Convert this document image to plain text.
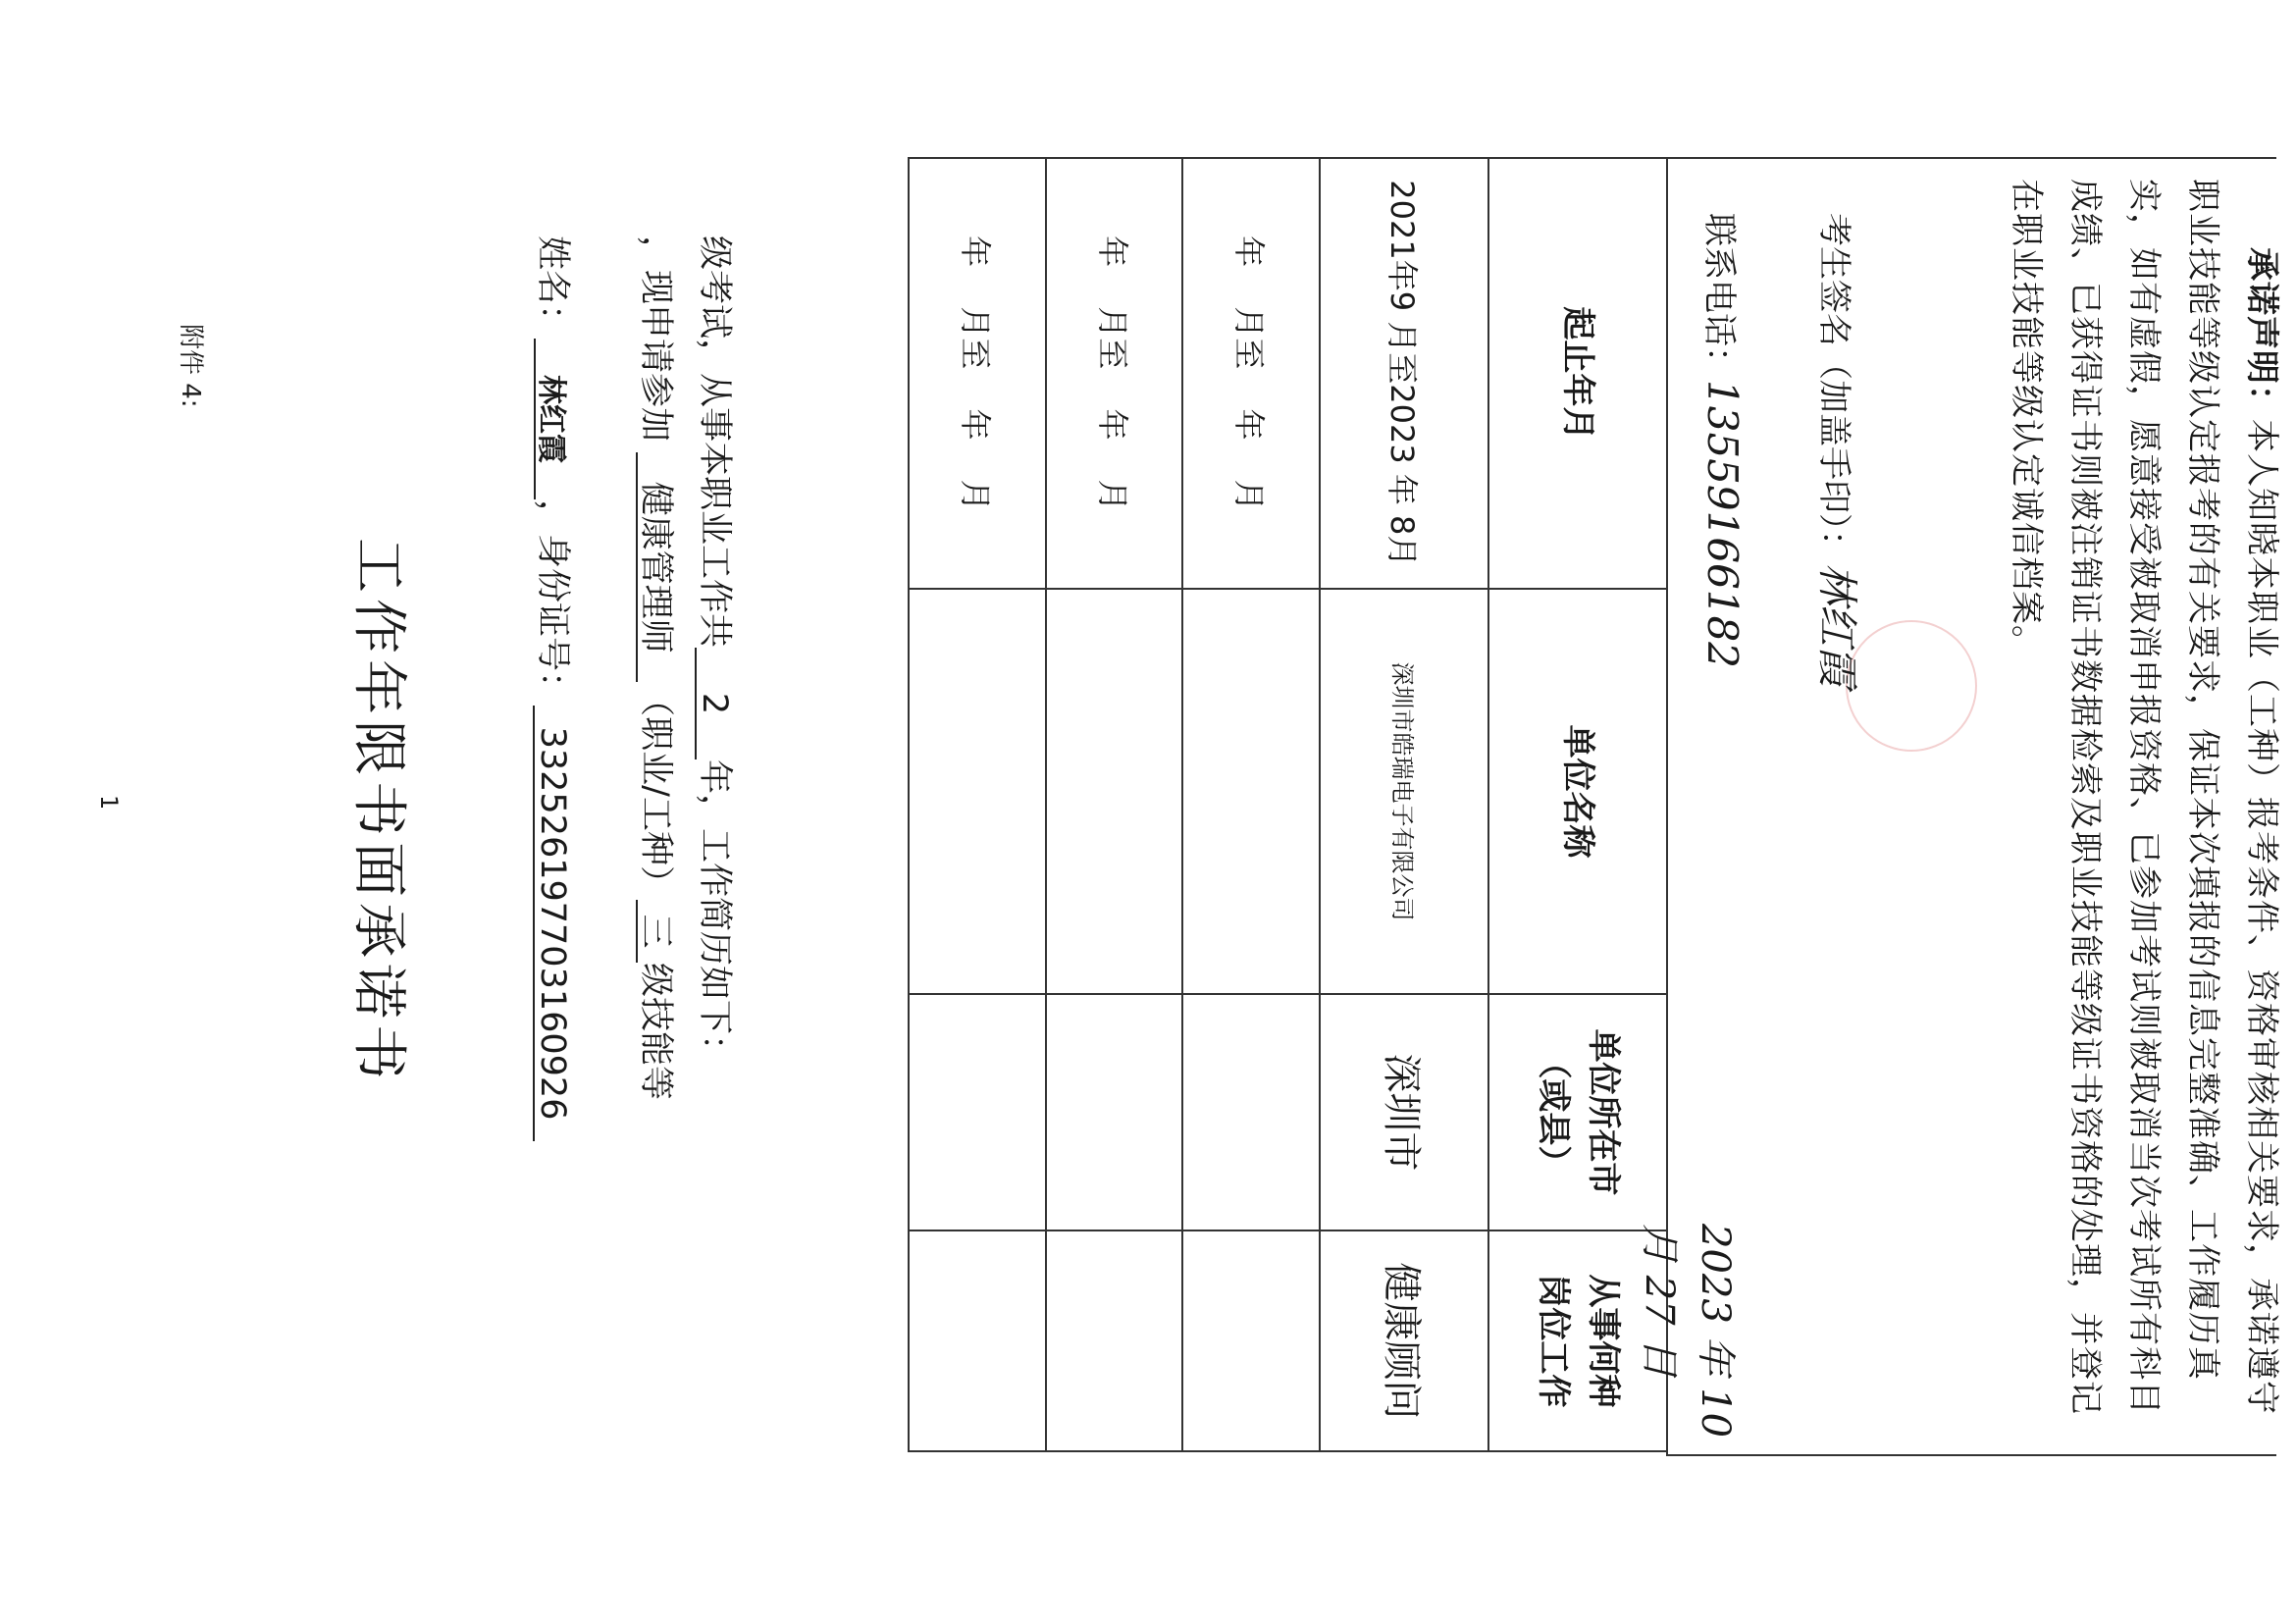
附件 4:
工作年限书面承诺书
姓名：林红霞，身份证号：332526197703160926
，现申请参加 健康管理师（职业/工种）三级技能等
级考试，从事本职业工作共2年，工作简历如下：
起止年月	单位名称	单位所在市
（或县）	从事何种
岗位工作
2021年9 月至2023 年 8月	深圳市皓瑞电子有限公司	深圳市	健康顾问
年 月至 年 月			
年 月至 年 月			
年 月至 年 月			
  	承诺声明：本人知晓本职业（工种）报考条件、资格审核相关要求，承诺遵守职业技能等级认定报考的有关要求，保证本次填报的信息完整准确、工作履历真实，如有虚假，愿意接受被取消申报资格、已参加考试则被取消当次考试所有科目成绩、已获得证书则被注销证书数据检索及职业技能等级证书资格的处理，并登记在职业技能等级认定诚信档案。
考生签名（加盖手印）：林红霞
联系电话：13559166182
2023 年 10 月 27 日
1
